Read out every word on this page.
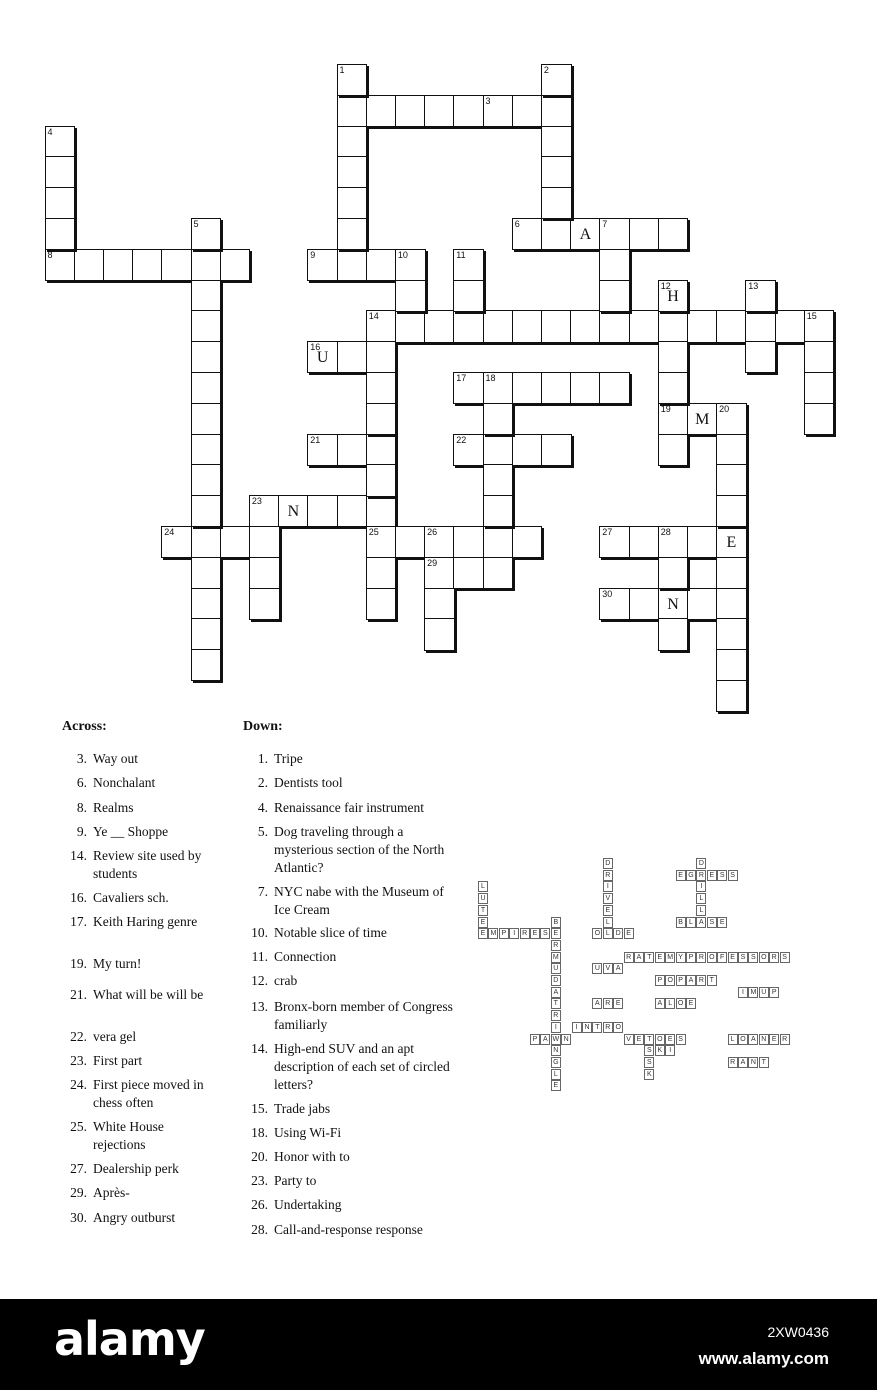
3
6
A
7
8	9	10
14	15
16
U
17 18
19
M
20
21	22
23
N
24	25	26	27	28
E
29
30
N
1	2
4
5
11
12
H
13
Across:	Down:
3. Way out
6. Nonchalant
8. Realms
9. Ye __ Shoppe
14. Review site used by students
16. Cavaliers sch.
17. Keith Haring genre
19. My turn!
21. What will be will be
22. vera gel
23. First part
24. First piece moved in chess often
25. White House rejections
27. Dealership perk
29. Après-
30. Angry outburst
1. Tripe
2. Dentists tool
4. Renaissance fair instrument
5. Dog traveling through a mysterious section of the North Atlantic?
7. NYC nabe with the Museum of Ice Cream
10. Notable slice of time
11. Connection
12. crab
13. Bronx-born member of Congress familiarly
14. High-end SUV and an apt description of each set of circled letters?
15. Trade jabs
18. Using Wi-Fi
20. Honor with to
23. Party to
26. Undertaking
28. Call-and-response response
E G R E S S
B L A S E
E M P	I R E S	O L D E
R A T E M Y P R O F E S S O R S
U V A
P O P A R T
I M U P
A R E	A L O E
I N T R O
P A W N	V E T O E S	L O A N E R
S K	I
R A N T
D
R
I
V
E
L
D
I
L
L
L
U
T
E	B
E
R
M
U
D
A
T
R
I
N
G
L
E
S
K
alamy	2XW0436
www.alamy.com
